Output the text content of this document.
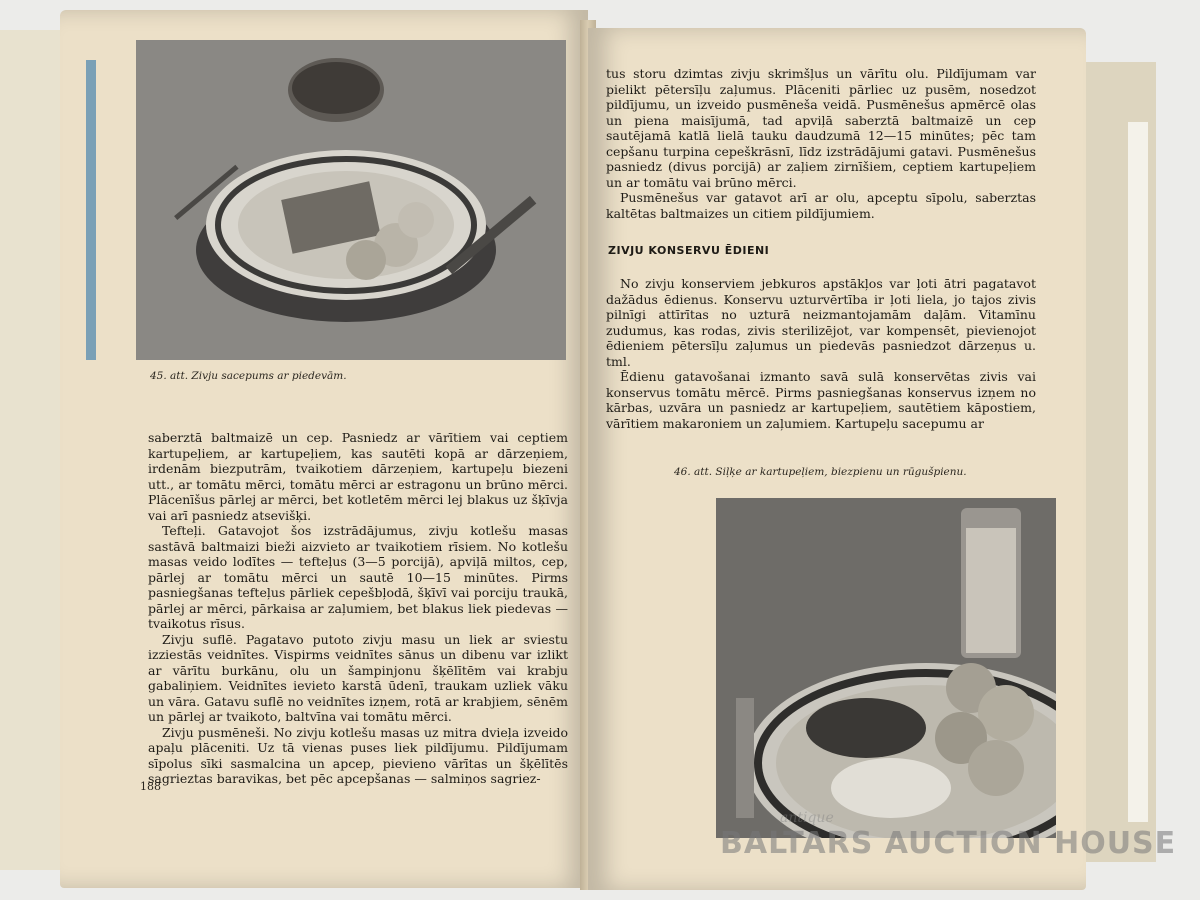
45. att. Zivju sacepums ar piedevām.

saberztā baltmaizē un cep. Pasniedz ar vārītiem vai ceptiem kartupeļiem, ar kartupeļiem, kas sautēti kopā ar dārzeņiem, irdenām biezputrām, tvaikotiem dārzeņiem, kartupeļu biezeni utt., ar tomātu mērci, tomātu mērci ar estragonu un brūno mērci. Plācenīšus pārlej ar mērci, bet kotletēm mērci lej blakus uz šķīvja vai arī pasniedz atsevišķi.

Tefteļi. Gatavojot šos izstrādājumus, zivju kotlešu masas sastāvā baltmaizi bieži aizvieto ar tvaikotiem rīsiem. No kotlešu masas veido lodītes — tefteļus (3—5 porcijā), apviļā miltos, cep, pārlej ar tomātu mērci un sautē 10—15 minūtes. Pirms pasniegšanas tefteļus pārliek cepešbļodā, šķīvī vai porciju traukā, pārlej ar mērci, pārkaisa ar zaļumiem, bet blakus liek piedevas — tvaikotus rīsus.

Zivju suflē. Pagatavo putoto zivju masu un liek ar sviestu izziestās veidnītes. Vispirms veidnītes sānus un dibenu var izlikt ar vārītu burkānu, olu un šampinjonu šķēlītēm vai krabju gabaliņiem. Veidnītes ievieto karstā ūdenī, traukam uzliek vāku un vāra. Gatavu suflē no veidnītes izņem, rotā ar krabjiem, sēnēm un pārlej ar tvaikoto, baltvīna vai tomātu mērci.

Zivju pusmēneši. No zivju kotlešu masas uz mitra dvieļa izveido apaļu plāceniti. Uz tā vienas puses liek pildījumu. Pildījumam sīpolus sīki sasmalcina un apcep, pievieno vārītas un šķēlītēs sagrieztas baravikas, bet pēc apcepšanas — salmiņos sagriez-

188

tus storu dzimtas zivju skrimšļus un vārītu olu. Pildījumam var pielikt pētersīļu zaļumus. Plāceniti pārliec uz pusēm, nosedzot pildījumu, un izveido pusmēneša veidā. Pusmēnešus apmērcē olas un piena maisījumā, tad apviļā saberztā baltmaizē un cep sautējamā katlā lielā tauku daudzumā 12—15 minūtes; pēc tam cepšanu turpina cepeškrāsnī, līdz izstrādājumi gatavi. Pusmēnešus pasniedz (divus porcijā) ar zaļiem zirnīšiem, ceptiem kartupeļiem un ar tomātu vai brūno mērci.

Pusmēnešus var gatavot arī ar olu, apceptu sīpolu, saberztas kaltētas baltmaizes un citiem pildījumiem.

ZIVJU KONSERVU ĒDIENI

No zivju konserviem jebkuros apstākļos var ļoti ātri pagatavot dažādus ēdienus. Konservu uzturvērtība ir ļoti liela, jo tajos zivis pilnīgi attīrītas no uzturā neizmantojamām daļām. Vitamīnu zudumus, kas rodas, zivis sterilizējot, var kompensēt, pievienojot ēdieniem pētersīļu zaļumus un piedevās pasniedzot dārzeņus u. tml.

Ēdienu gatavošanai izmanto savā sulā konservētas zivis vai konservus tomātu mērcē. Pirms pasniegšanas konservus izņem no kārbas, uzvāra un pasniedz ar kartupeļiem, sautētiem kāpostiem, vārītiem makaroniem un zaļumiem. Kartupeļu sacepumu ar

46. att. Siļķe ar kartupeļiem, biezpienu un rūgušpienu.
antique
BALTARS AUCTION HOUSE
